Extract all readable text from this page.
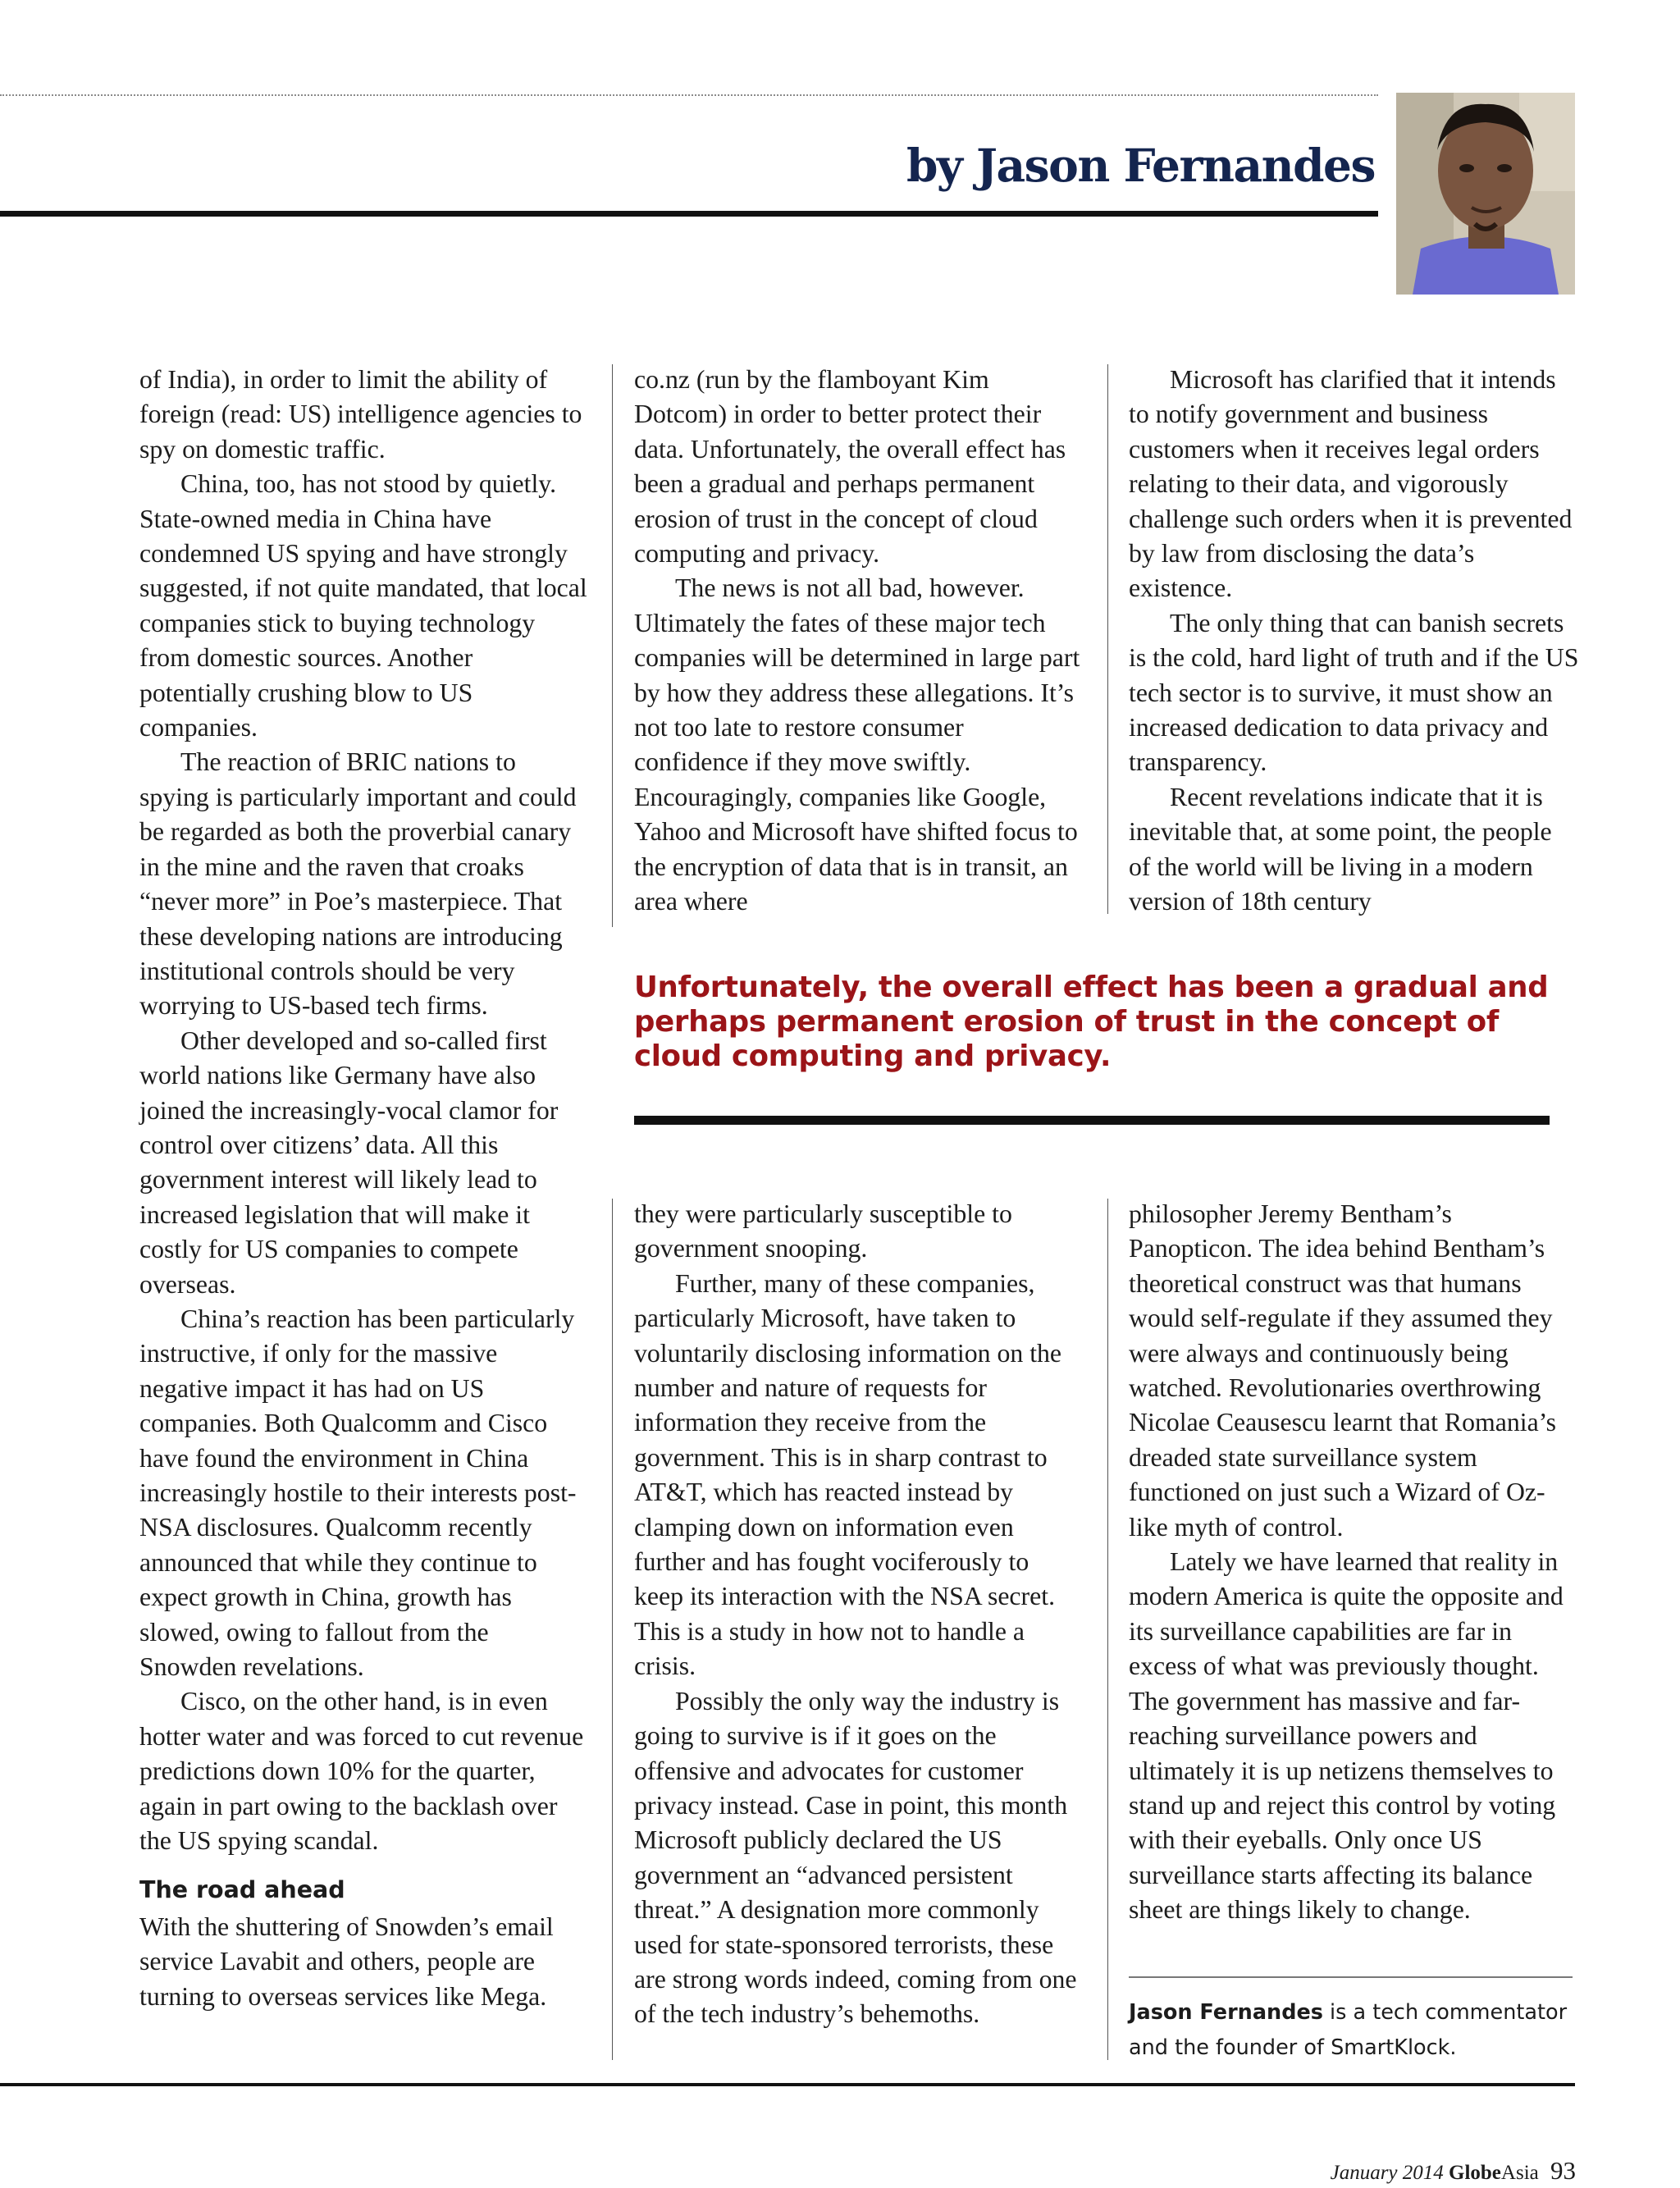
by Jason Fernandes

of India), in order to limit the ability of foreign (read: US) intelligence agencies to spy on domestic traffic.

China, too, has not stood by quietly. State-owned media in China have condemned US spying and have strongly suggested, if not quite mandated, that local companies stick to buying technology from domestic sources. Another potentially crushing blow to US companies.

The reaction of BRIC nations to spying is particularly important and could be regarded as both the proverbial canary in the mine and the raven that croaks “never more” in Poe’s masterpiece. That these developing nations are introducing institutional controls should be very worrying to US-based tech firms.

Other developed and so-called first world nations like Germany have also joined the increasingly-vocal clamor for control over citizens’ data. All this government interest will likely lead to increased legislation that will make it costly for US companies to compete overseas.

China’s reaction has been particularly instructive, if only for the massive negative impact it has had on US companies. Both Qualcomm and Cisco have found the environment in China increasingly hostile to their interests post-NSA disclosures. Qualcomm recently announced that while they continue to expect growth in China, growth has slowed, owing to fallout from the Snowden revelations.

Cisco, on the other hand, is in even hotter water and was forced to cut revenue predictions down 10% for the quarter, again in part owing to the backlash over the US spying scandal.

The road ahead

With the shuttering of Snowden’s email service Lavabit and others, people are turning to overseas services like Mega.

co.nz (run by the flamboyant Kim Dotcom) in order to better protect their data. Unfortunately, the overall effect has been a gradual and perhaps permanent erosion of trust in the concept of cloud computing and privacy.

The news is not all bad, however. Ultimately the fates of these major tech companies will be determined in large part by how they address these allegations. It’s not too late to restore consumer confidence if they move swiftly. Encouragingly, companies like Google, Yahoo and Microsoft have shifted focus to the encryption of data that is in transit, an area where

Microsoft has clarified that it intends to notify government and business customers when it receives legal orders relating to their data, and vigorously challenge such orders when it is prevented by law from disclosing the data’s existence.

The only thing that can banish secrets is the cold, hard light of truth and if the US tech sector is to survive, it must show an increased dedication to data privacy and transparency.

Recent revelations indicate that it is inevitable that, at some point, the people of the world will be living in a modern version of 18th century

Unfortunately, the overall effect has been a gradual and perhaps permanent erosion of trust in the concept of cloud computing and privacy.

they were particularly susceptible to government snooping.

Further, many of these companies, particularly Microsoft, have taken to voluntarily disclosing information on the number and nature of requests for information they receive from the government. This is in sharp contrast to AT&T, which has reacted instead by clamping down on information even further and has fought vociferously to keep its interaction with the NSA secret. This is a study in how not to handle a crisis.

Possibly the only way the industry is going to survive is if it goes on the offensive and advocates for customer privacy instead. Case in point, this month Microsoft publicly declared the US government an “advanced persistent threat.” A designation more commonly used for state-sponsored terrorists, these are strong words indeed, coming from one of the tech industry’s behemoths.

philosopher Jeremy Bentham’s Panopticon. The idea behind Bentham’s theoretical construct was that humans would self-regulate if they assumed they were always and continuously being watched. Revolutionaries overthrowing Nicolae Ceausescu learnt that Romania’s dreaded state surveillance system functioned on just such a Wizard of Oz-like myth of control.

Lately we have learned that reality in modern America is quite the opposite and its surveillance capabilities are far in excess of what was previously thought. The government has massive and far-reaching surveillance powers and ultimately it is up netizens themselves to stand up and reject this control by voting with their eyeballs. Only once US surveillance starts affecting its balance sheet are things likely to change.

Jason Fernandes is a tech commentator and the founder of SmartKlock.

January 2014 GlobeAsia 93
